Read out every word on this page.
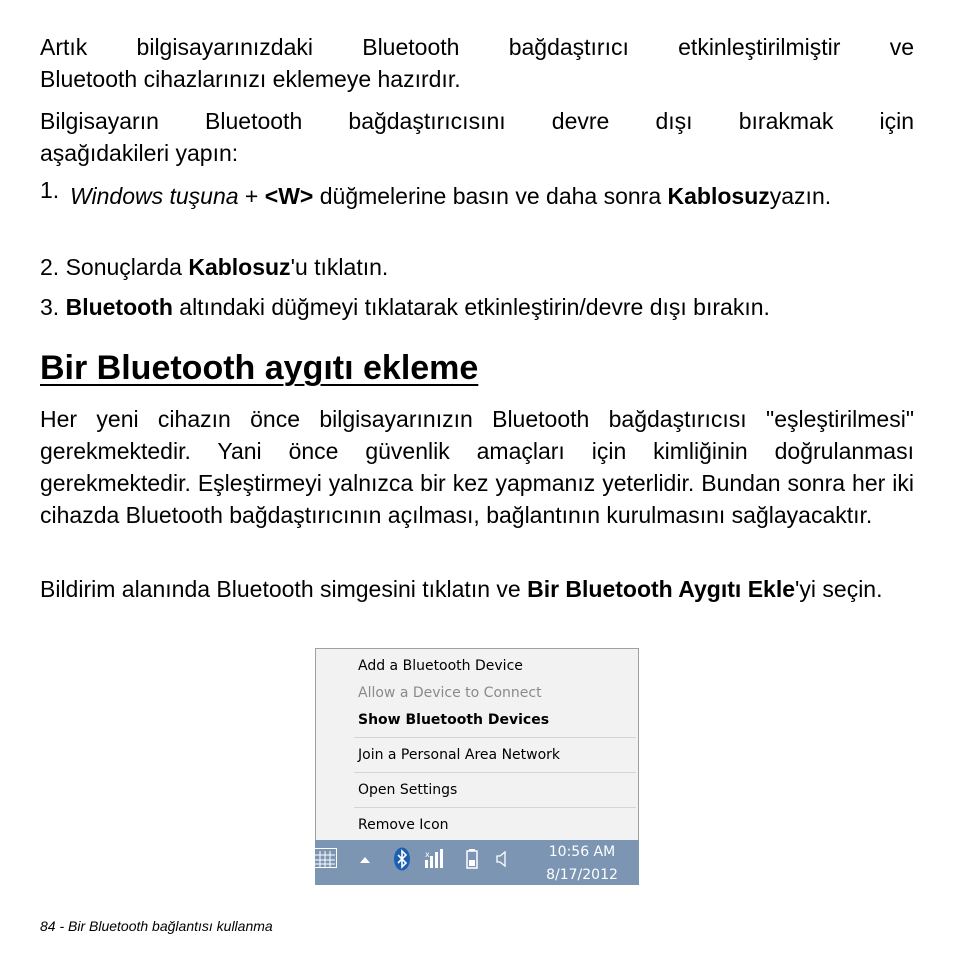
Artık bilgisayarınızdaki Bluetooth bağdaştırıcı etkinleştirilmiştir ve

Bluetooth cihazlarınızı eklemeye hazırdır.

Bilgisayarın Bluetooth bağdaştırıcısını devre dışı bırakmak için

aşağıdakileri yapın:

1. Windows tuşuna + <W> düğmelerine basın ve daha sonra Kablosuzyazın.
2. Sonuçlarda Kablosuz'u tıklatın.
3. Bluetooth altındaki düğmeyi tıklatarak etkinleştirin/devre dışı bırakın.
Bir Bluetooth aygıtı ekleme

Her yeni cihazın önce bilgisayarınızın Bluetooth bağdaştırıcısı "eşleştirilmesi" gerekmektedir. Yani önce güvenlik amaçları için kimliğinin doğrulanması gerekmektedir. Eşleştirmeyi yalnızca bir kez yapmanız yeterlidir. Bundan sonra her iki cihazda Bluetooth bağdaştırıcının açılması, bağlantının kurulmasını sağlayacaktır.

Bildirim alanında Bluetooth simgesini tıklatın ve Bir Bluetooth Aygıtı Ekle'yi seçin.

Add a Bluetooth Device
Allow a Device to Connect
Show Bluetooth Devices
Join a Personal Area Network
Open Settings
Remove Icon
x	10:56 AM
8/17/2012
84 - Bir Bluetooth bağlantısı kullanma
